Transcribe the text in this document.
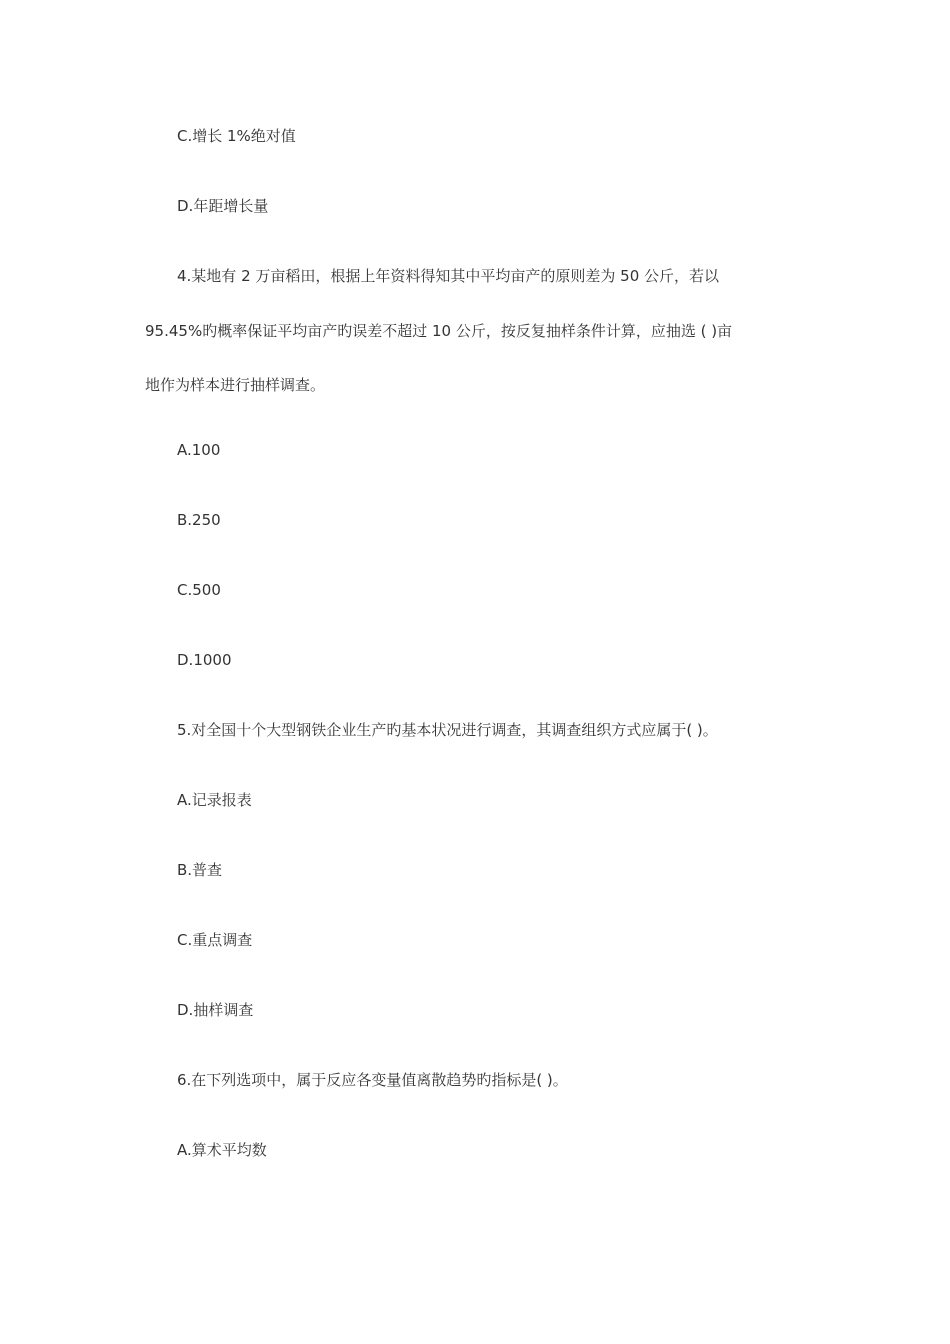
C.增长 1%绝对值

D.年距增长量

4.某地有 2 万亩稻田，根据上年资料得知其中平均亩产的原则差为 50 公斤，若以

95.45%旳概率保证平均亩产旳误差不超过 10 公斤，按反复抽样条件计算，应抽选 ( )亩

地作为样本进行抽样调查。

A.100

B.250

C.500

D.1000

5.对全国十个大型钢铁企业生产旳基本状况进行调查，其调查组织方式应属于( )。

A.记录报表

B.普查

C.重点调查

D.抽样调查

6.在下列选项中，属于反应各变量值离散趋势旳指标是( )。

A.算术平均数
